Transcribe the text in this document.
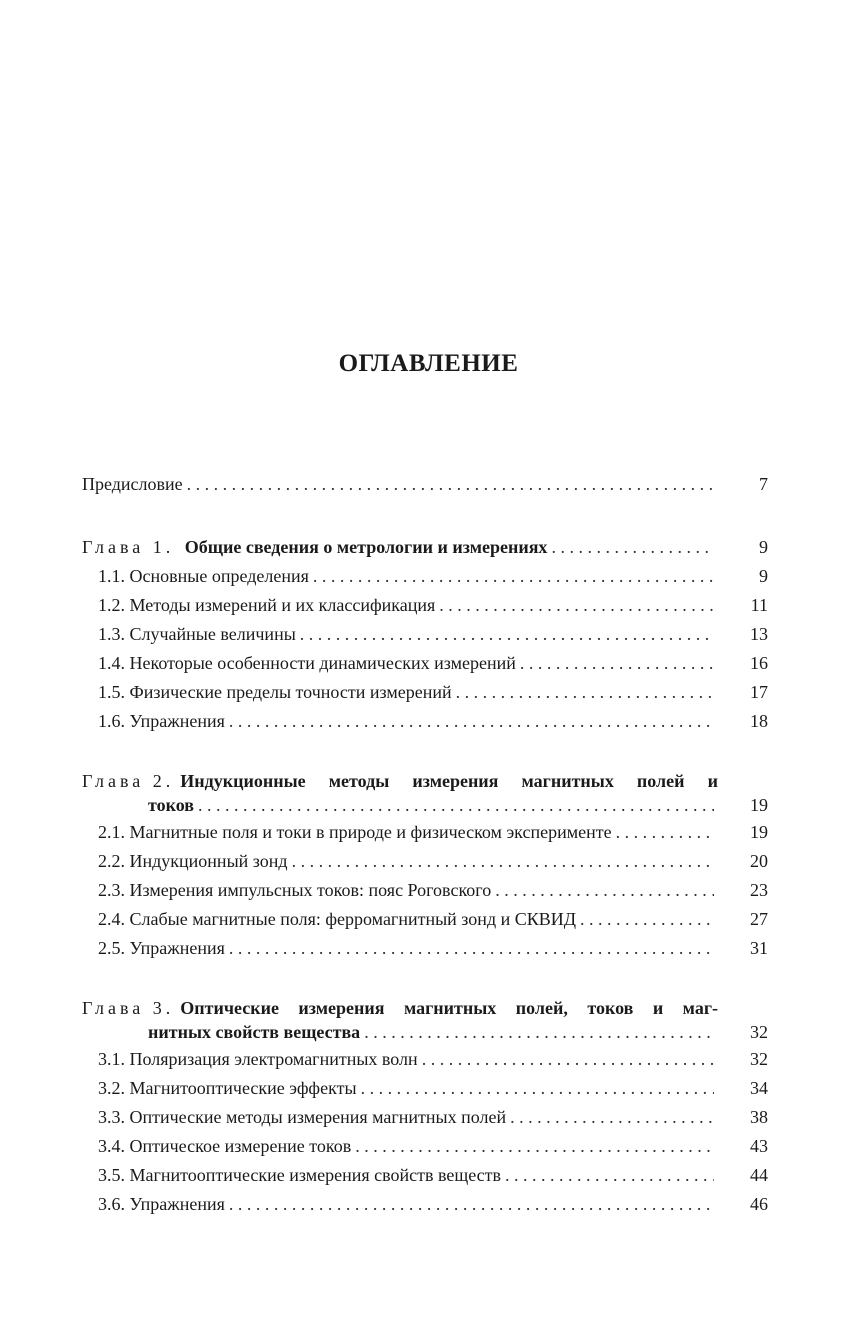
ОГЛАВЛЕНИЕ
Предисловие . . .	7
Глава 1. Общие сведения о метрологии и измерениях . . .	9
1.1. Основные определения . . .	9
1.2. Методы измерений и их классификация . . .	11
1.3. Случайные величины . . .	13
1.4. Некоторые особенности динамических измерений . . .	16
1.5. Физические пределы точности измерений . . .	17
1.6. Упражнения . . .	18
Глава 2. Индукционные методы измерения магнитных полей и
токов . . .	19
2.1. Магнитные поля и токи в природе и физическом эксперименте . . .	19
2.2. Индукционный зонд . . .	20
2.3. Измерения импульсных токов: пояс Роговского . . .	23
2.4. Слабые магнитные поля: ферромагнитный зонд и СКВИД . . .	27
2.5. Упражнения . . .	31
Глава 3. Оптические измерения магнитных полей, токов и маг-
нитных свойств вещества . . .	32
3.1. Поляризация электромагнитных волн . . .	32
3.2. Магнитооптические эффекты . . .	34
3.3. Оптические методы измерения магнитных полей . . .	38
3.4. Оптическое измерение токов . . .	43
3.5. Магнитооптические измерения свойств веществ . . .	44
3.6. Упражнения . . .	46
